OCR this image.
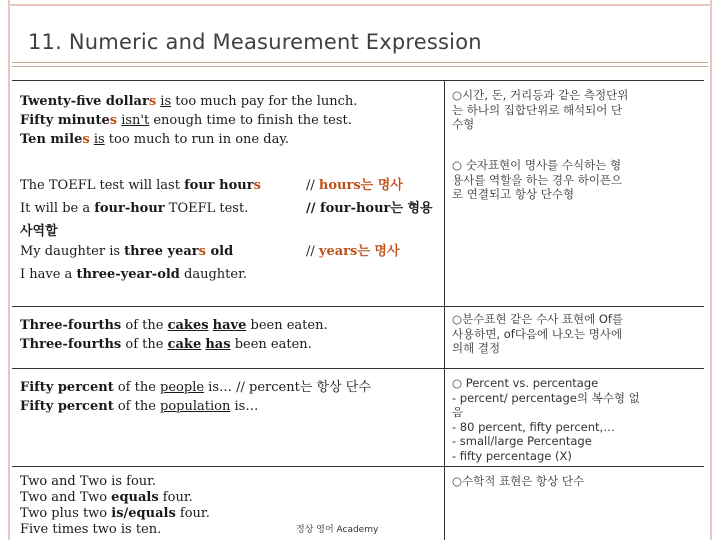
11. Numeric and Measurement Expression
Twenty-five dollars is too much pay for the lunch.
Fifty minutes isn't enough time to finish the test.
Ten miles is too much to run in one day.
○시간, 돈, 거리등과 같은 측정단위
는 하나의 집합단위로 해석되어 단
수형
The TOEFL test will last four hours	// hours는 명사
It will be a four-hour TOEFL test.	// four-hour는 형용
사역할
My daughter is three years old	// years는 명사
I have a three-year-old daughter.
○ 숫자표현이 명사를 수식하는 형
용사를 역할을 하는 경우 하이픈으
로 연결되고 항상 단수형
Three-fourths of the cakes have been eaten.
Three-fourths of the cake has been eaten.
○분수표현 같은 수사 표현에 Of를
사용하면, of다음에 나오는 명사에
의해 결정
Fifty percent of the people is… // percent는 항상 단수
Fifty percent of the population is…
○ Percent vs. percentage
- percent/ percentage의 복수형 없
음
- 80 percent, fifty percent,…
- small/large Percentage
- fifty percentage (X)
Two and Two is four.
Two and Two equals four.
Two plus two is/equals four.
Five times two is ten.
○수학적 표현은 항상 단수
정상 영어 Academy
